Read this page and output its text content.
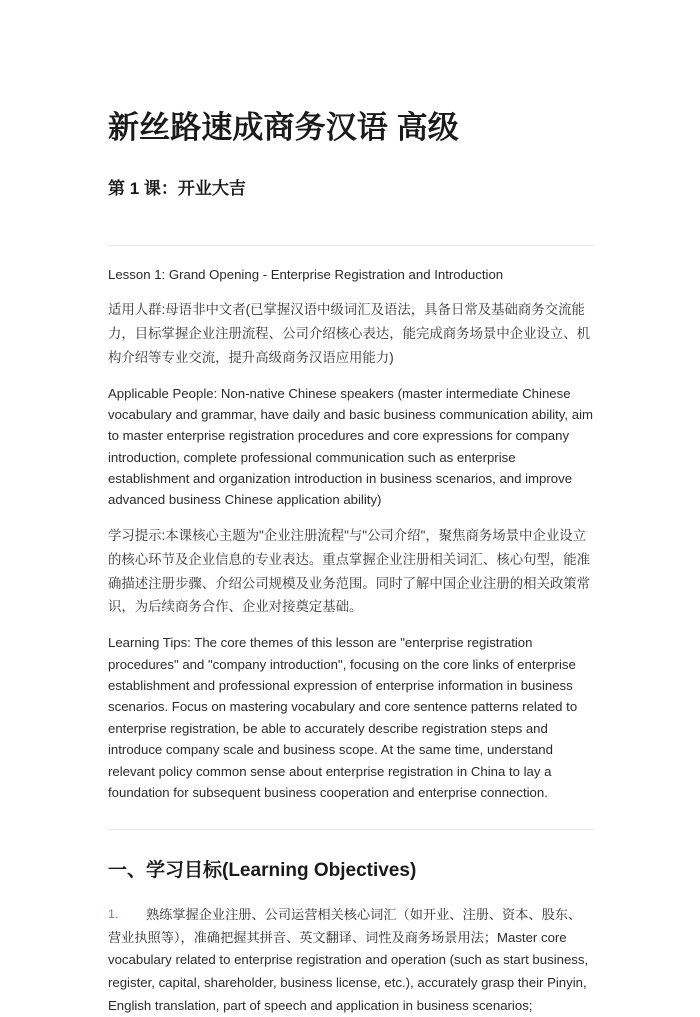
新丝路速成商务汉语 高级
第 1 课：开业大吉

Lesson 1: Grand Opening - Enterprise Registration and Introduction

适用人群:母语非中文者(已掌握汉语中级词汇及语法，具备日常及基础商务交流能力，目标掌握企业注册流程、公司介绍核心表达，能完成商务场景中企业设立、机构介绍等专业交流，提升高级商务汉语应用能力)

Applicable People: Non-native Chinese speakers (master intermediate Chinese vocabulary and grammar, have daily and basic business communication ability, aim to master enterprise registration procedures and core expressions for company introduction, complete professional communication such as enterprise establishment and organization introduction in business scenarios, and improve advanced business Chinese application ability)

学习提示:本课核心主题为"企业注册流程"与"公司介绍"，聚焦商务场景中企业设立的核心环节及企业信息的专业表达。重点掌握企业注册相关词汇、核心句型，能准确描述注册步骤、介绍公司规模及业务范围。同时了解中国企业注册的相关政策常识，为后续商务合作、企业对接奠定基础。

Learning Tips: The core themes of this lesson are "enterprise registration procedures" and "company introduction", focusing on the core links of enterprise establishment and professional expression of enterprise information in business scenarios. Focus on mastering vocabulary and core sentence patterns related to enterprise registration, be able to accurately describe registration steps and introduce company scale and business scope. At the same time, understand relevant policy common sense about enterprise registration in China to lay a foundation for subsequent business cooperation and enterprise connection.

一、学习目标(Learning Objectives)
熟练掌握企业注册、公司运营相关核心词汇（如开业、注册、资本、股东、营业执照等），准确把握其拼音、英文翻译、词性及商务场景用法；Master core vocabulary related to enterprise registration and operation (such as start business, register, capital, shareholder, business license, etc.), accurately grasp their Pinyin, English translation, part of speech and application in business scenarios;
